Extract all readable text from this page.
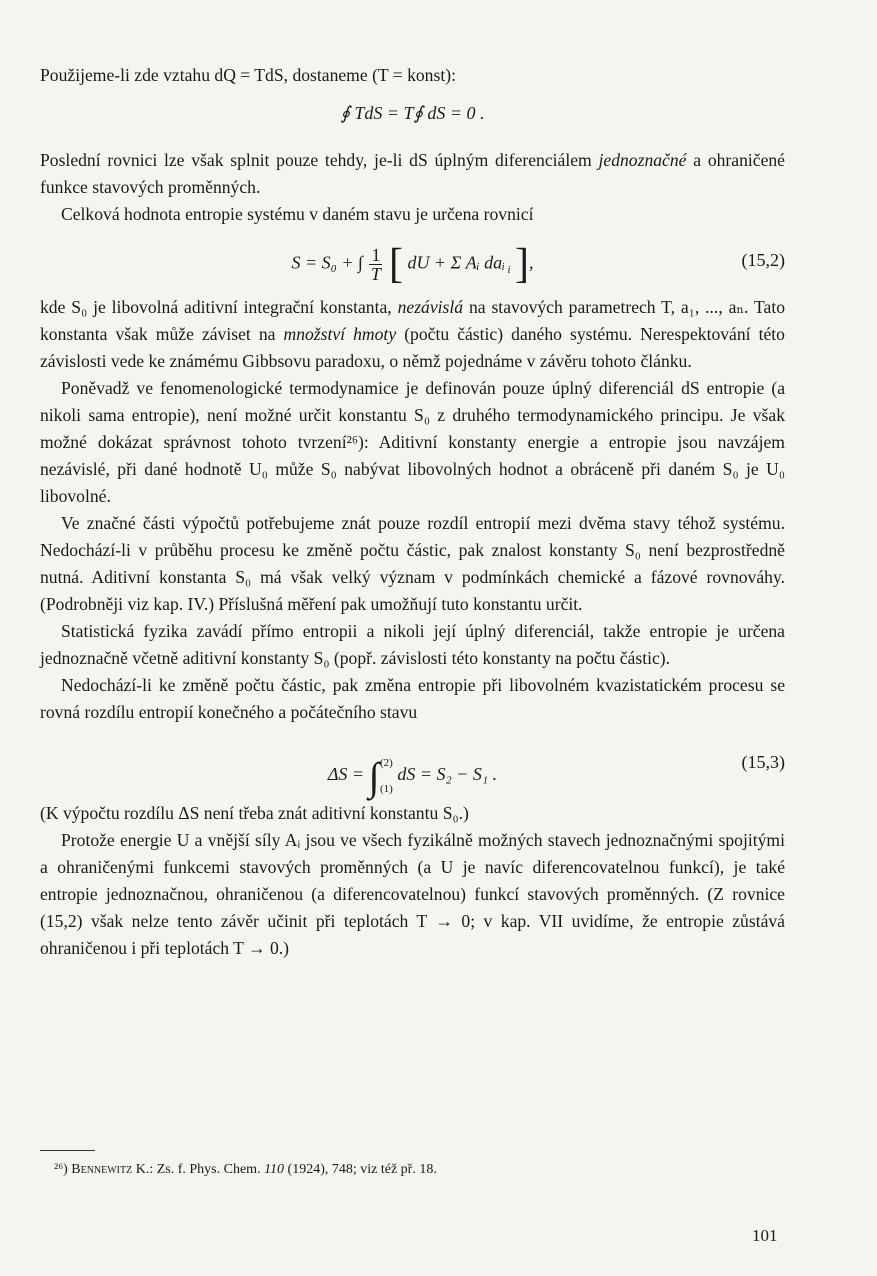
Použijeme-li zde vztahu dQ = TdS, dostaneme (T = konst):

∮ TdS = T∮ dS = 0 .

Poslední rovnici lze však splnit pouze tehdy, je-li dS úplným diferenciálem jednoznačné a ohraničené funkce stavových proměnných.

Celková hodnota entropie systému v daném stavu je určena rovnicí

S = S₀ + ∫ $\frac{1}{T}$ [ dU + Σ Aᵢ daᵢ i ],	(15,2)

kde S₀ je libovolná aditivní integrační konstanta, nezávislá na stavových parametrech T, a₁, ..., aₙ. Tato konstanta však může záviset na množství hmoty (počtu částic) daného systému. Nerespektování této závislosti vede ke známému Gibbsovu paradoxu, o němž pojednáme v závěru tohoto článku.

Poněvadž ve fenomenologické termodynamice je definován pouze úplný diferenciál dS entropie (a nikoli sama entropie), není možné určit konstantu S₀ z druhého termodynamického principu. Je však možné dokázat správnost tohoto tvrzení²⁶): Aditivní konstanty energie a entropie jsou navzájem nezávislé, při dané hodnotě U₀ může S₀ nabývat libovolných hodnot a obráceně při daném S₀ je U₀ libovolné.

Ve značné části výpočtů potřebujeme znát pouze rozdíl entropií mezi dvěma stavy téhož systému. Nedochází-li v průběhu procesu ke změně počtu částic, pak znalost konstanty S₀ není bezprostředně nutná. Aditivní konstanta S₀ má však velký význam v podmínkách chemické a fázové rovnováhy. (Podrobněji viz kap. IV.) Příslušná měření pak umožňují tuto konstantu určit.

Statistická fyzika zavádí přímo entropii a nikoli její úplný diferenciál, takže entropie je určena jednoznačně včetně aditivní konstanty S₀ (popř. závislosti této konstanty na počtu částic).

Nedochází-li ke změně počtu částic, pak změna entropie při libovolném kvazistatickém procesu se rovná rozdílu entropií konečného a počátečního stavu

ΔS = ∫ (2)
(1)
dS = S₂ − S₁ .
(15,3)

(K výpočtu rozdílu ΔS není třeba znát aditivní konstantu S₀.)

Protože energie U a vnější síly Aᵢ jsou ve všech fyzikálně možných stavech jednoznačnými spojitými a ohraničenými funkcemi stavových proměnných (a U je navíc diferencovatelnou funkcí), je také entropie jednoznačnou, ohraničenou (a diferencovatelnou) funkcí stavových proměnných. (Z rovnice (15,2) však nelze tento závěr učinit při teplotách T → 0; v kap. VII uvidíme, že entropie zůstává ohraničenou i při teplotách T → 0.)

²⁶) Bennewitz K.: Zs. f. Phys. Chem. 110 (1924), 748; viz též př. 18.

101
